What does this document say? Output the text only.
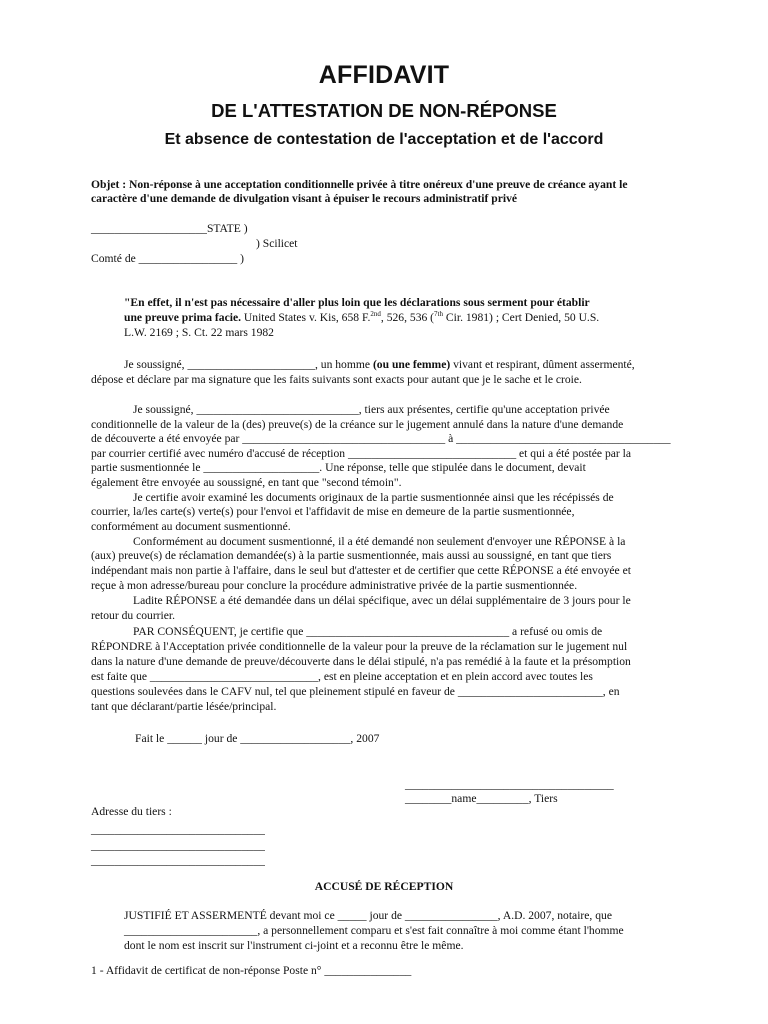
AFFIDAVIT
DE L'ATTESTATION DE NON-RÉPONSE
Et absence de contestation de l'acceptation et de l'accord
Objet : Non-réponse à une acceptation conditionnelle privée à titre onéreux d'une preuve de créance ayant le
caractère d'une demande de divulgation visant à épuiser le recours administratif privé
____________________STATE )
) Scilicet
Comté de _________________ )
"En effet, il n'est pas nécessaire d'aller plus loin que les déclarations sous serment pour établir
une preuve prima facie. United States v. Kis, 658 F.$^{2nd}$, 526, 536 ($^{7th}$ Cir. 1981) ; Cert Denied, 50 U.S.
L.W. 2169 ; S. Ct. 22 mars 1982
Je soussigné, ______________________, un homme (ou une femme) vivant et respirant, dûment assermenté,
dépose et déclare par ma signature que les faits suivants sont exacts pour autant que je le sache et le croie.
Je soussigné, ____________________________, tiers aux présentes, certifie qu'une acceptation privée
conditionnelle de la valeur de la (des) preuve(s) de la créance sur le jugement annulé dans la nature d'une demande
de découverte a été envoyée par ___________________________________ à _____________________________________
par courrier certifié avec numéro d'accusé de réception _____________________________ et qui a été postée par la
partie susmentionnée le ____________________. Une réponse, telle que stipulée dans le document, devait
également être envoyée au soussigné, en tant que "second témoin".
Je certifie avoir examiné les documents originaux de la partie susmentionnée ainsi que les récépissés de
courrier, la/les carte(s) verte(s) pour l'envoi et l'affidavit de mise en demeure de la partie susmentionnée,
conformément au document susmentionné.
Conformément au document susmentionné, il a été demandé non seulement d'envoyer une RÉPONSE à la
(aux) preuve(s) de réclamation demandée(s) à la partie susmentionnée, mais aussi au soussigné, en tant que tiers
indépendant mais non partie à l'affaire, dans le seul but d'attester et de certifier que cette RÉPONSE a été envoyée et
reçue à mon adresse/bureau pour conclure la procédure administrative privée de la partie susmentionnée.
Ladite RÉPONSE a été demandée dans un délai spécifique, avec un délai supplémentaire de 3 jours pour le
retour du courrier.
PAR CONSÉQUENT, je certifie que ___________________________________ a refusé ou omis de
RÉPONDRE à l'Acceptation privée conditionnelle de la valeur pour la preuve de la réclamation sur le jugement nul
dans la nature d'une demande de preuve/découverte dans le délai stipulé, n'a pas remédié à la faute et la présomption
est faite que _____________________________, est en pleine acceptation et en plein accord avec toutes les
questions soulevées dans le CAFV nul, tel que pleinement stipulé en faveur de _________________________, en
tant que déclarant/partie lésée/principal.
Fait le ______ jour de ___________________, 2007
____________________________________
________name_________, Tiers
Adresse du tiers :
______________________________
______________________________
______________________________
ACCUSÉ DE RÉCEPTION
JUSTIFIÉ ET ASSERMENTÉ devant moi ce _____ jour de ________________, A.D. 2007, notaire, que
_______________________, a personnellement comparu et s'est fait connaître à moi comme étant l'homme
dont le nom est inscrit sur l'instrument ci-joint et a reconnu être le même.
1 - Affidavit de certificat de non-réponse Poste n° _______________
